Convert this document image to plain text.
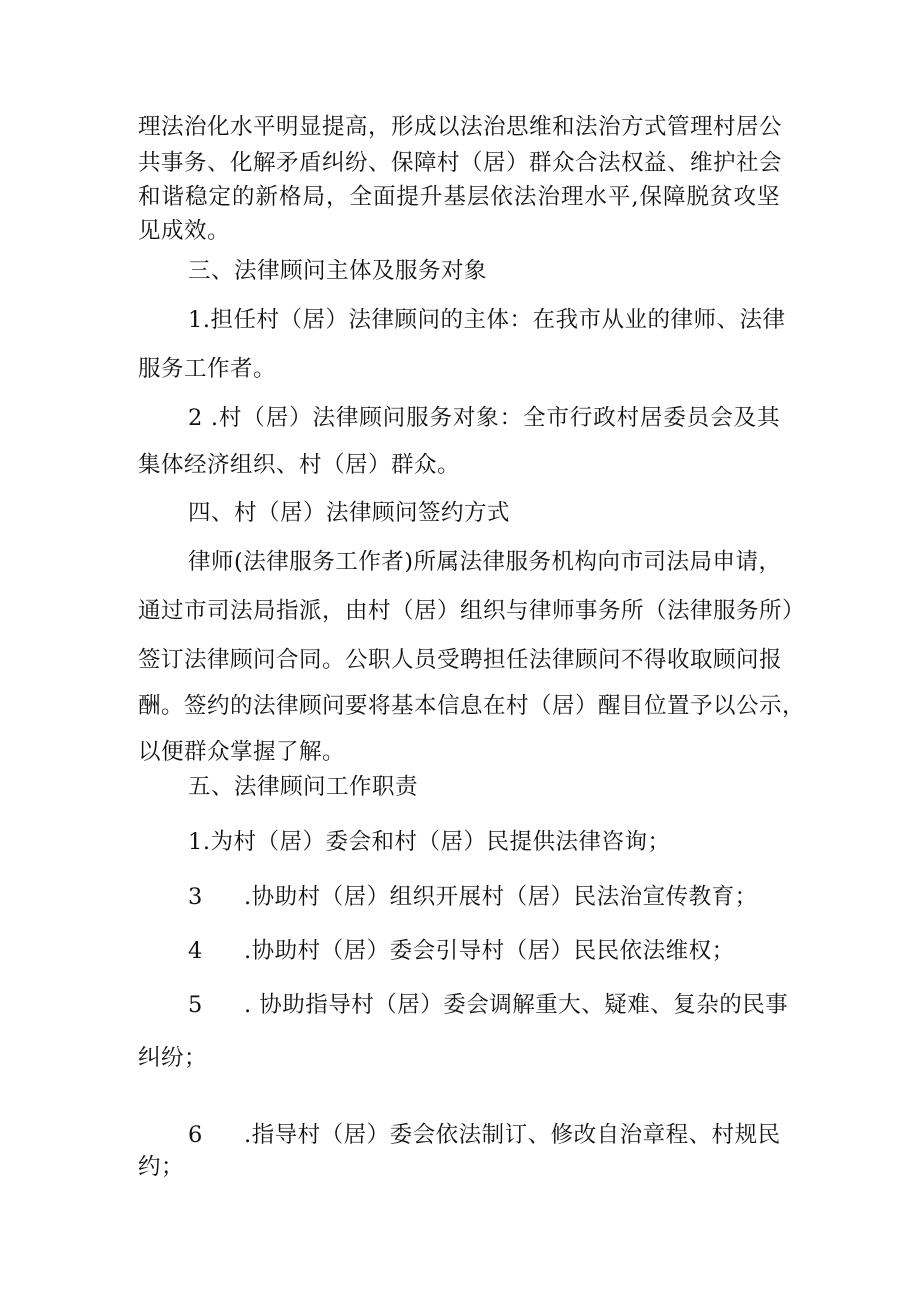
理法治化水平明显提高，形成以法治思维和法治方式管理村居公
共事务、化解矛盾纠纷、保障村（居）群众合法权益、维护社会
和谐稳定的新格局，全面提升基层依法治理水平,保障脱贫攻坚
见成效。
三、法律顾问主体及服务对象
1.担任村（居）法律顾问的主体：在我市从业的律师、法律
服务工作者。
2 .村（居）法律顾问服务对象：全市行政村居委员会及其
集体经济组织、村（居）群众。
四、村（居）法律顾问签约方式
律师(法律服务工作者)所属法律服务机构向市司法局申请，
通过市司法局指派，由村（居）组织与律师事务所（法律服务所）
签订法律顾问合同。公职人员受聘担任法律顾问不得收取顾问报
酬。签约的法律顾问要将基本信息在村（居）醒目位置予以公示，
以便群众掌握了解。
五、法律顾问工作职责
1.为村（居）委会和村（居）民提供法律咨询；
3 .协助村（居）组织开展村（居）民法治宣传教育；
4 .协助村（居）委会引导村（居）民民依法维权；
5 . 协助指导村（居）委会调解重大、疑难、复杂的民事
纠纷；
6 .指导村（居）委会依法制订、修改自治章程、村规民
约；
